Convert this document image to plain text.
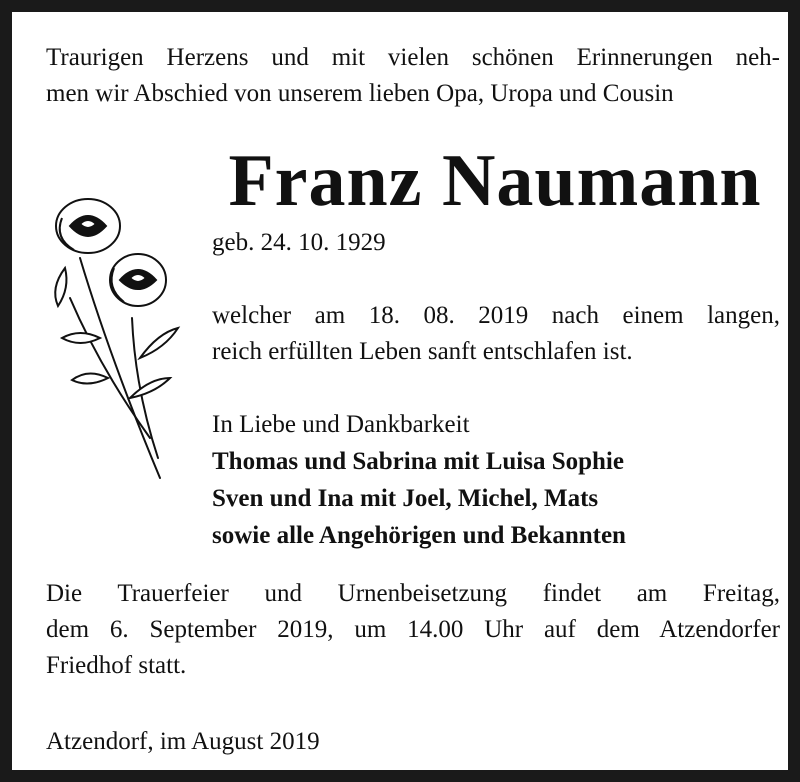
Traurigen Herzens und mit vielen schönen Erinnerungen neh-
men wir Abschied von unserem lieben Opa, Uropa und Cousin
Franz Naumann
geb. 24. 10. 1929
welcher am 18. 08. 2019 nach einem langen,
reich erfüllten Leben sanft entschlafen ist.
In Liebe und Dankbarkeit
Thomas und Sabrina mit Luisa Sophie
Sven und Ina mit Joel, Michel, Mats
sowie alle Angehörigen und Bekannten
Die Trauerfeier und Urnenbeisetzung findet am Freitag,
dem 6. September 2019, um 14.00 Uhr auf dem Atzendorfer
Friedhof statt.
Atzendorf, im August 2019
